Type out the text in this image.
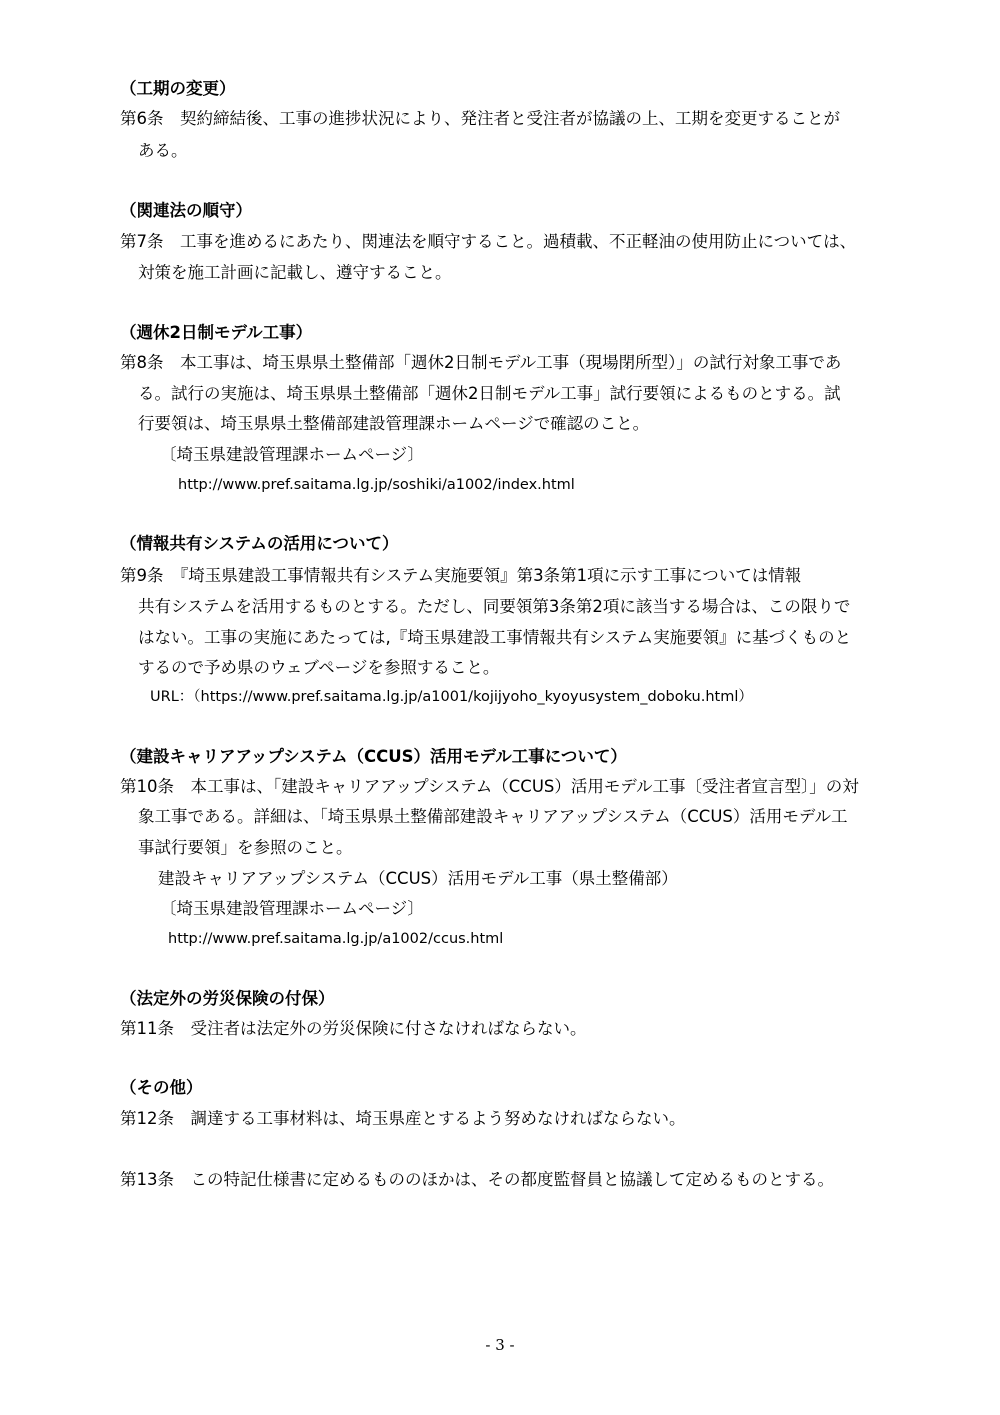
（工期の変更）
第6条　契約締結後、工事の進捗状況により、発注者と受注者が協議の上、工期を変更することが
ある。
（関連法の順守）
第7条　工事を進めるにあたり、関連法を順守すること。過積載、不正軽油の使用防止については、
対策を施工計画に記載し、遵守すること。
（週休2日制モデル工事）
第8条　本工事は、埼玉県県土整備部「週休2日制モデル工事（現場閉所型）」の試行対象工事であ
る。試行の実施は、埼玉県県土整備部「週休2日制モデル工事」試行要領によるものとする。試
行要領は、埼玉県県土整備部建設管理課ホームページで確認のこと。
〔埼玉県建設管理課ホームページ〕
http://www.pref.saitama.lg.jp/soshiki/a1002/index.html
（情報共有システムの活用について）
第9条　『埼玉県建設工事情報共有システム実施要領』第3条第1項に示す工事については情報
共有システムを活用するものとする。ただし、同要領第3条第2項に該当する場合は、この限りで
はない。工事の実施にあたっては,『埼玉県建設工事情報共有システム実施要領』に基づくものと
するので予め県のウェブページを参照すること。
URL：（https://www.pref.saitama.lg.jp/a1001/kojijyoho_kyoyusystem_doboku.html）
（建設キャリアアップシステム（CCUS）活用モデル工事について）
第10条　本工事は、「建設キャリアアップシステム（CCUS）活用モデル工事〔受注者宣言型〕」の対
象工事である。詳細は、「埼玉県県土整備部建設キャリアアップシステム（CCUS）活用モデル工
事試行要領」を参照のこと。
建設キャリアアップシステム（CCUS）活用モデル工事（県土整備部）
〔埼玉県建設管理課ホームページ〕
http://www.pref.saitama.lg.jp/a1002/ccus.html
（法定外の労災保険の付保）
第11条　受注者は法定外の労災保険に付さなければならない。
（その他）
第12条　調達する工事材料は、埼玉県産とするよう努めなければならない。
第13条　この特記仕様書に定めるもののほかは、その都度監督員と協議して定めるものとする。
- 3 -
